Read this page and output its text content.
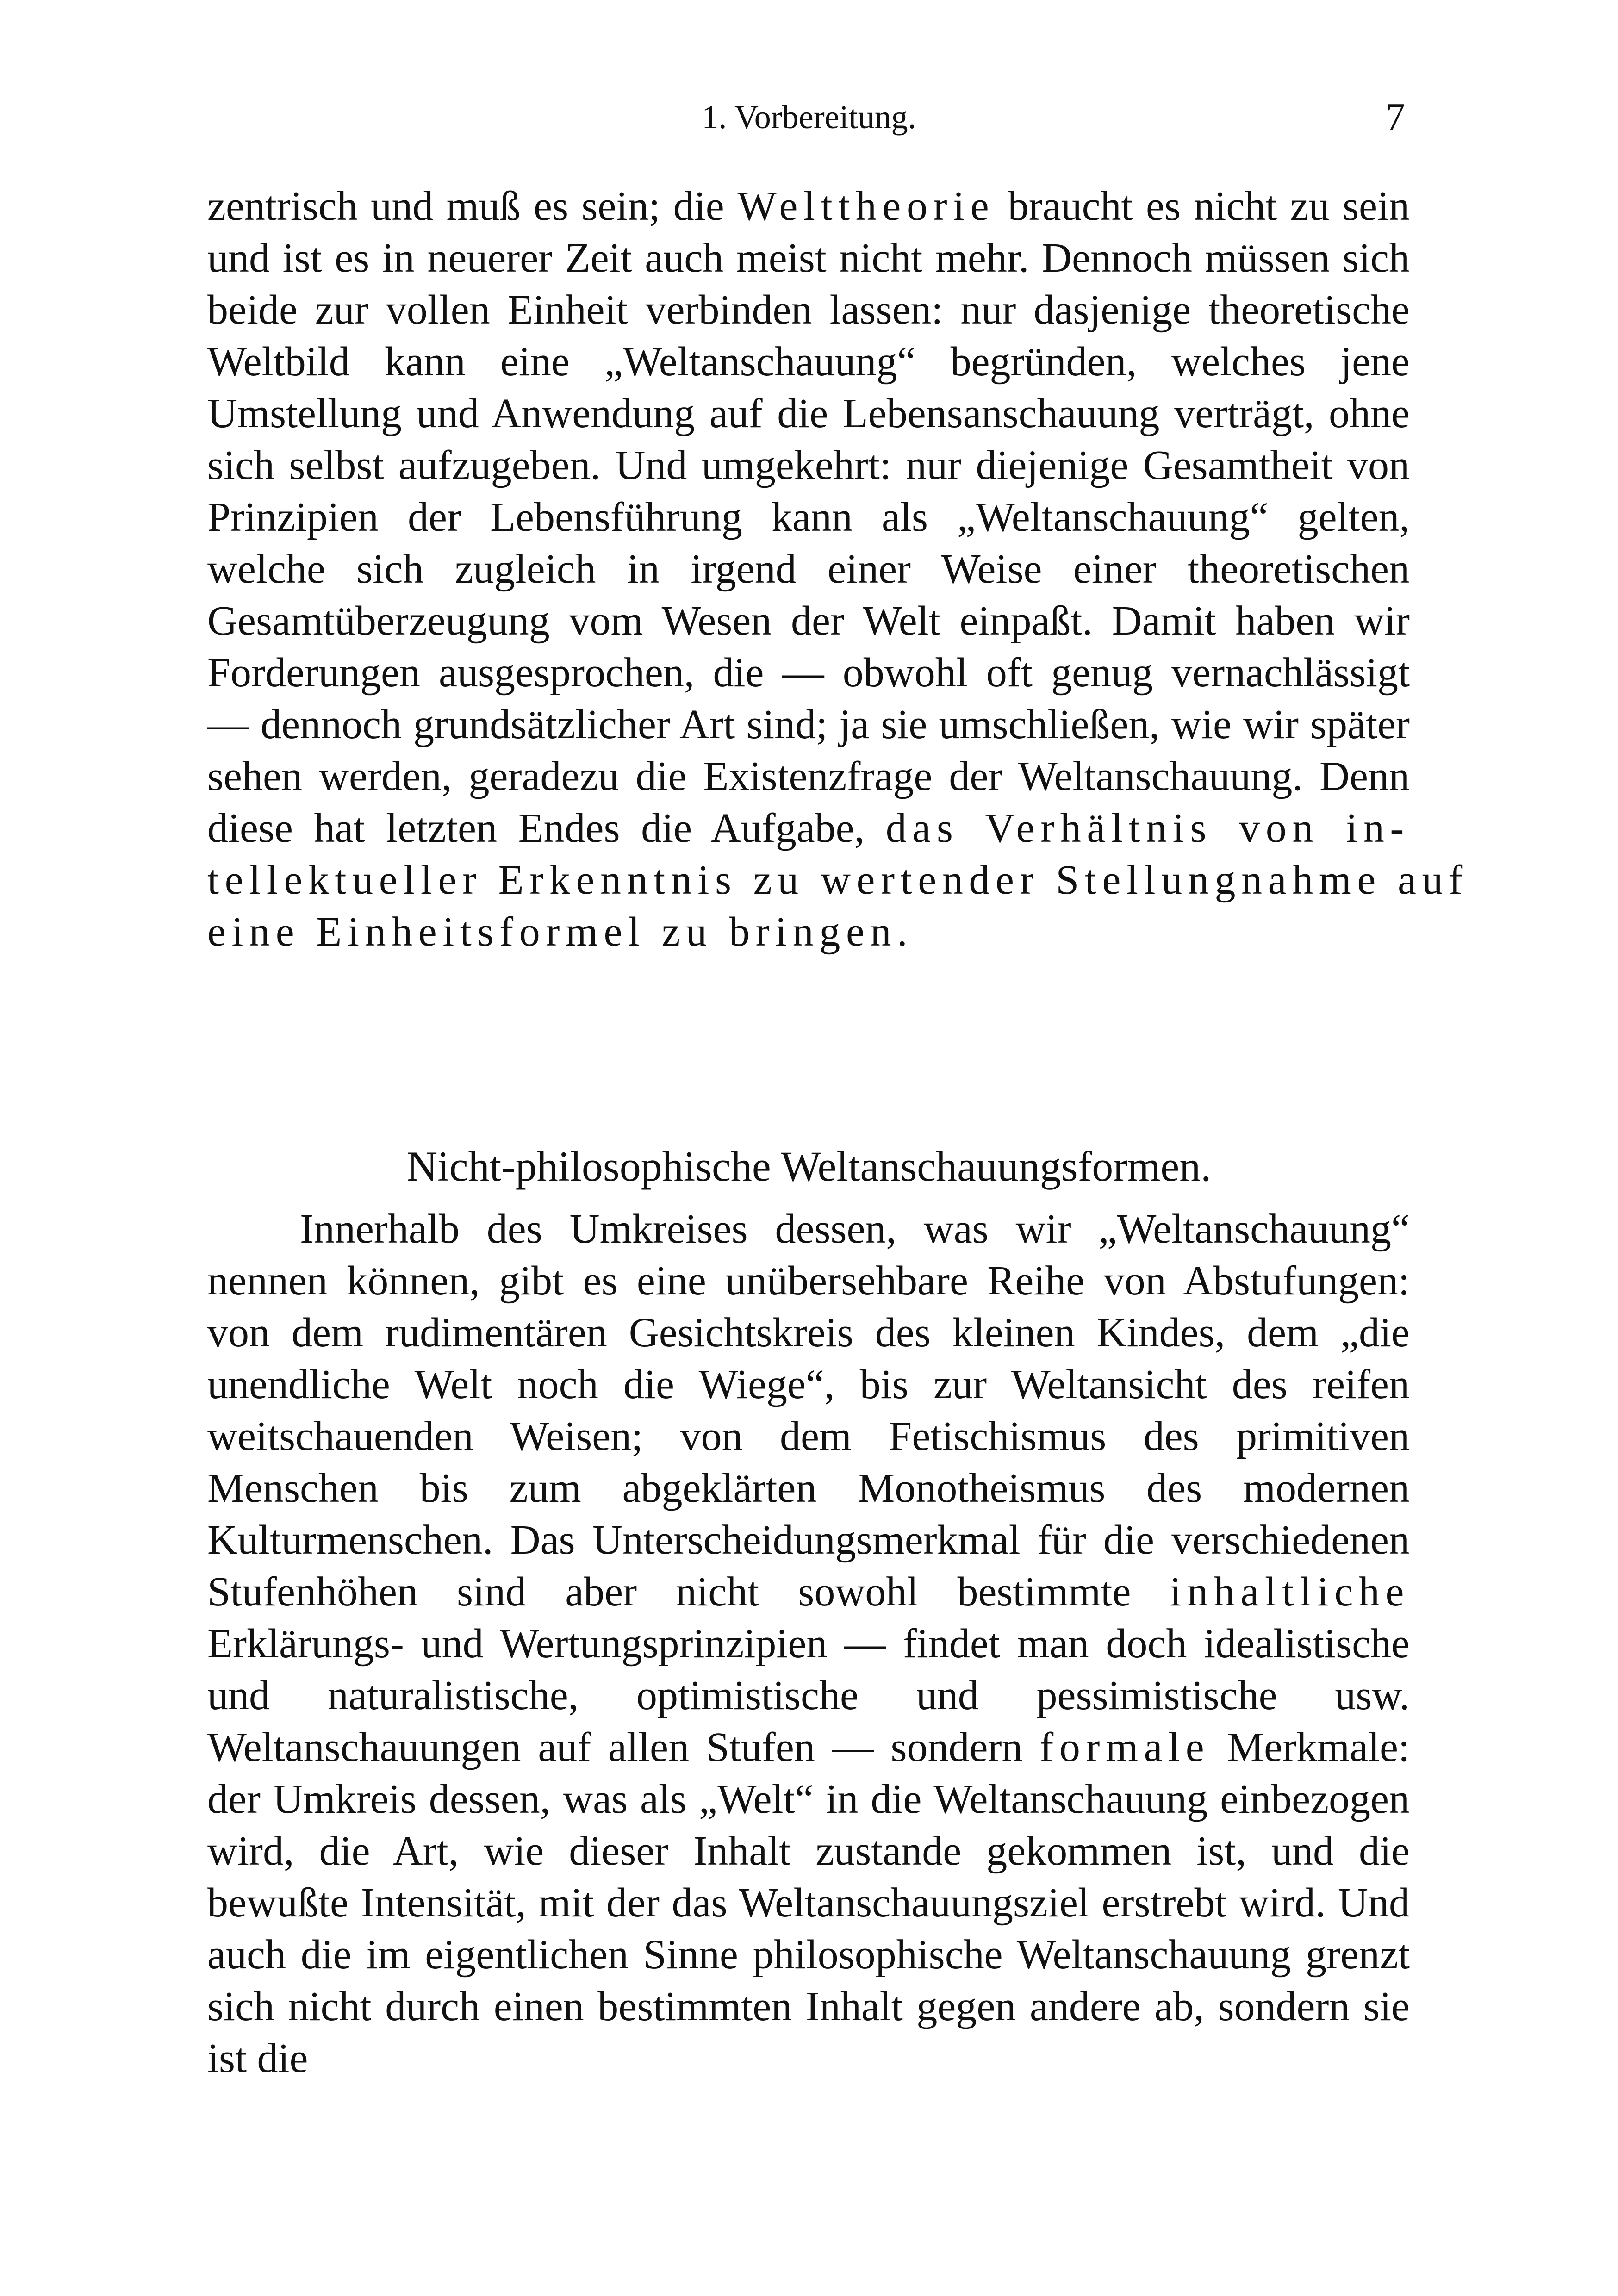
1. Vorbereitung.	7
zentrisch und muß es sein; die Welttheorie braucht es nicht zu sein
und ist es in neuerer Zeit auch meist nicht mehr. Dennoch müssen sich
beide zur vollen Einheit verbinden lassen: nur dasjenige theoretische
Weltbild kann eine „Weltanschauung“ begründen, welches jene
Umstellung und Anwendung auf die Lebensanschauung verträgt, ohne
sich selbst aufzugeben. Und umgekehrt: nur diejenige Gesamtheit von
Prinzipien der Lebensführung kann als „Weltanschauung“ gelten,
welche sich zugleich in irgend einer Weise einer theoretischen
Gesamtüberzeugung vom Wesen der Welt einpaßt. Damit haben wir
Forderungen ausgesprochen, die — obwohl oft genug vernachlässigt
— dennoch grundsätzlicher Art sind; ja sie umschließen, wie wir später
sehen werden, geradezu die Existenzfrage der Weltanschauung. Denn
diese hat letzten Endes die Aufgabe, das Verhältnis von in-
tellektueller Erkenntnis zu wertender Stellungnahme auf
eine Einheitsformel zu bringen.
Nicht-philosophische Weltanschauungsformen.
Innerhalb des Umkreises dessen, was wir „Weltanschauung“
nennen können, gibt es eine unübersehbare Reihe von Abstufungen:
von dem rudimentären Gesichtskreis des kleinen Kindes, dem „die
unendliche Welt noch die Wiege“, bis zur Weltansicht des reifen
weitschauenden Weisen; von dem Fetischismus des primitiven
Menschen bis zum abgeklärten Monotheismus des modernen
Kulturmenschen. Das Unterscheidungsmerkmal für die verschiedenen
Stufenhöhen sind aber nicht sowohl bestimmte inhaltliche
Erklärungs- und Wertungsprinzipien — findet man doch idealistische
und naturalistische, optimistische und pessimistische usw.
Weltanschauungen auf allen Stufen — sondern formale Merkmale:
der Umkreis dessen, was als „Welt“ in die Weltanschauung einbezogen
wird, die Art, wie dieser Inhalt zustande gekommen ist, und die
bewußte Intensität, mit der das Weltanschauungsziel erstrebt wird. Und
auch die im eigentlichen Sinne philosophische Weltanschauung grenzt
sich nicht durch einen bestimmten Inhalt gegen andere ab, sondern sie
ist die
